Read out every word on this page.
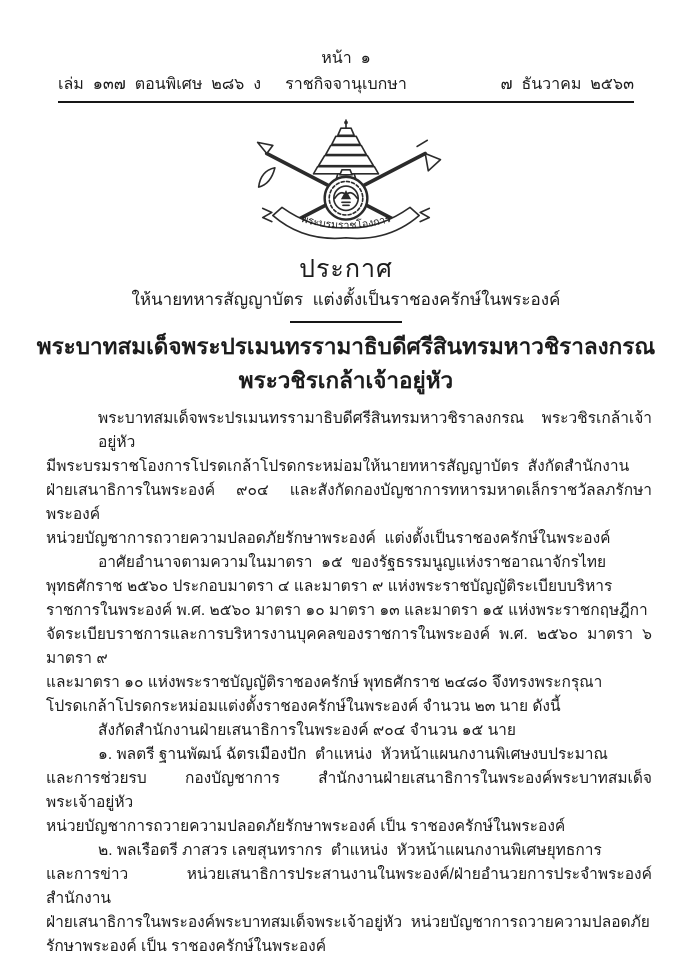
หน้า  ๑
เล่ม  ๑๓๗  ตอนพิเศษ  ๒๘๖  ง	ราชกิจจานุเบกษา	๗  ธันวาคม  ๒๕๖๓
พระบรมราชโองการ
ประกาศ
ให้นายทหารสัญญาบัตร  แต่งตั้งเป็นราชองครักษ์ในพระองค์
พระบาทสมเด็จพระปรเมนทรรามาธิบดีศรีสินทรมหาวชิราลงกรณ
พระวชิรเกล้าเจ้าอยู่หัว
พระบาทสมเด็จพระปรเมนทรรามาธิบดีศรีสินทรมหาวชิราลงกรณ  พระวชิรเกล้าเจ้าอยู่หัว
มีพระบรมราชโองการโปรดเกล้าโปรดกระหม่อมให้นายทหารสัญญาบัตร  สังกัดสำนักงาน
ฝ่ายเสนาธิการในพระองค์ ๙๐๔ และสังกัดกองบัญชาการทหารมหาดเล็กราชวัลลภรักษาพระองค์
หน่วยบัญชาการถวายความปลอดภัยรักษาพระองค์  แต่งตั้งเป็นราชองครักษ์ในพระองค์
อาศัยอำนาจตามความในมาตรา  ๑๕  ของรัฐธรรมนูญแห่งราชอาณาจักรไทย
พุทธศักราช ๒๕๖๐ ประกอบมาตรา ๔ และมาตรา ๙ แห่งพระราชบัญญัติระเบียบบริหาร
ราชการในพระองค์ พ.ศ. ๒๕๖๐ มาตรา ๑๐ มาตรา ๑๓ และมาตรา ๑๕ แห่งพระราชกฤษฎีกา
จัดระเบียบราชการและการบริหารงานบุคคลของราชการในพระองค์ พ.ศ. ๒๕๖๐ มาตรา ๖ มาตรา ๙
และมาตรา ๑๐ แห่งพระราชบัญญัติราชองครักษ์ พุทธศักราช ๒๔๘๐ จึงทรงพระกรุณา
โปรดเกล้าโปรดกระหม่อมแต่งตั้งราชองครักษ์ในพระองค์ จำนวน ๒๓ นาย ดังนี้
สังกัดสำนักงานฝ่ายเสนาธิการในพระองค์ ๙๐๔ จำนวน ๑๕ นาย
๑. พลตรี ฐานพัฒน์ ฉัตรเมืองปัก  ตำแหน่ง  หัวหน้าแผนกงานพิเศษงบประมาณ
และการช่วยรบ กองบัญชาการ สำนักงานฝ่ายเสนาธิการในพระองค์พระบาทสมเด็จพระเจ้าอยู่หัว
หน่วยบัญชาการถวายความปลอดภัยรักษาพระองค์ เป็น ราชองครักษ์ในพระองค์
๒. พลเรือตรี ภาสวร เลขสุนทรากร  ตำแหน่ง  หัวหน้าแผนกงานพิเศษยุทธการ
และการข่าว หน่วยเสนาธิการประสานงานในพระองค์/ฝ่ายอำนวยการประจำพระองค์ สำนักงาน
ฝ่ายเสนาธิการในพระองค์พระบาทสมเด็จพระเจ้าอยู่หัว  หน่วยบัญชาการถวายความปลอดภัย
รักษาพระองค์ เป็น ราชองครักษ์ในพระองค์
